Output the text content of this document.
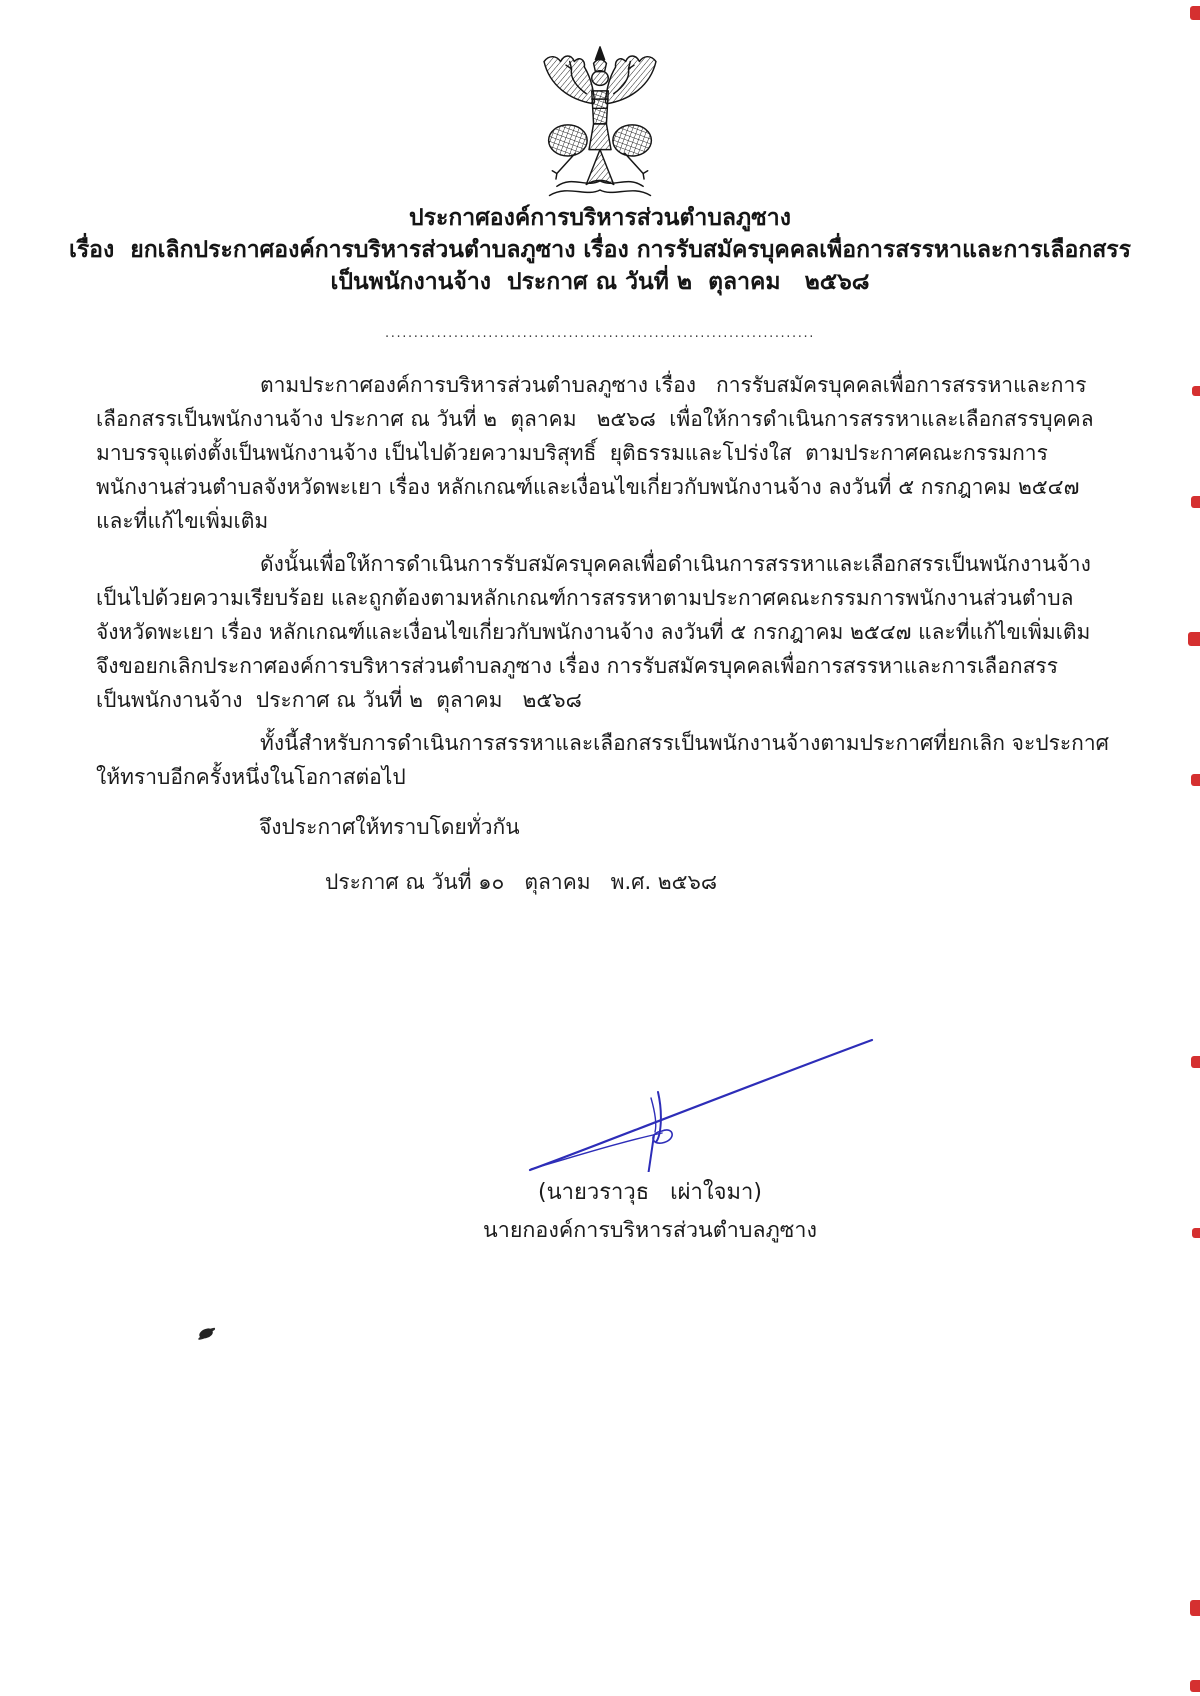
ประกาศองค์การบริหารส่วนตำบลภูซาง
เรื่อง  ยกเลิกประกาศองค์การบริหารส่วนตำบลภูซาง เรื่อง การรับสมัครบุคคลเพื่อการสรรหาและการเลือกสรร
เป็นพนักงานจ้าง  ประกาศ ณ วันที่ ๒  ตุลาคม   ๒๕๖๘
...........................................................................
ตามประกาศองค์การบริหารส่วนตำบลภูซาง เรื่อง   การรับสมัครบุคคลเพื่อการสรรหาและการ
เลือกสรรเป็นพนักงานจ้าง ประกาศ ณ วันที่ ๒  ตุลาคม   ๒๕๖๘  เพื่อให้การดำเนินการสรรหาและเลือกสรรบุคคล
มาบรรจุแต่งตั้งเป็นพนักงานจ้าง เป็นไปด้วยความบริสุทธิ์  ยุติธรรมและโปร่งใส  ตามประกาศคณะกรรมการ
พนักงานส่วนตำบลจังหวัดพะเยา เรื่อง หลักเกณฑ์และเงื่อนไขเกี่ยวกับพนักงานจ้าง ลงวันที่ ๕ กรกฎาคม ๒๕๔๗
และที่แก้ไขเพิ่มเติม
ดังนั้นเพื่อให้การดำเนินการรับสมัครบุคคลเพื่อดำเนินการสรรหาและเลือกสรรเป็นพนักงานจ้าง
เป็นไปด้วยความเรียบร้อย และถูกต้องตามหลักเกณฑ์การสรรหาตามประกาศคณะกรรมการพนักงานส่วนตำบล
จังหวัดพะเยา เรื่อง หลักเกณฑ์และเงื่อนไขเกี่ยวกับพนักงานจ้าง ลงวันที่ ๕ กรกฎาคม ๒๕๔๗ และที่แก้ไขเพิ่มเติม
จึงขอยกเลิกประกาศองค์การบริหารส่วนตำบลภูซาง เรื่อง การรับสมัครบุคคลเพื่อการสรรหาและการเลือกสรร
เป็นพนักงานจ้าง  ประกาศ ณ วันที่ ๒  ตุลาคม   ๒๕๖๘
ทั้งนี้สำหรับการดำเนินการสรรหาและเลือกสรรเป็นพนักงานจ้างตามประกาศที่ยกเลิก จะประกาศ
ให้ทราบอีกครั้งหนึ่งในโอกาสต่อไป
จึงประกาศให้ทราบโดยทั่วกัน
ประกาศ ณ วันที่ ๑๐   ตุลาคม   พ.ศ. ๒๕๖๘
(นายวราวุธ   เผ่าใจมา)
นายกองค์การบริหารส่วนตำบลภูซาง
